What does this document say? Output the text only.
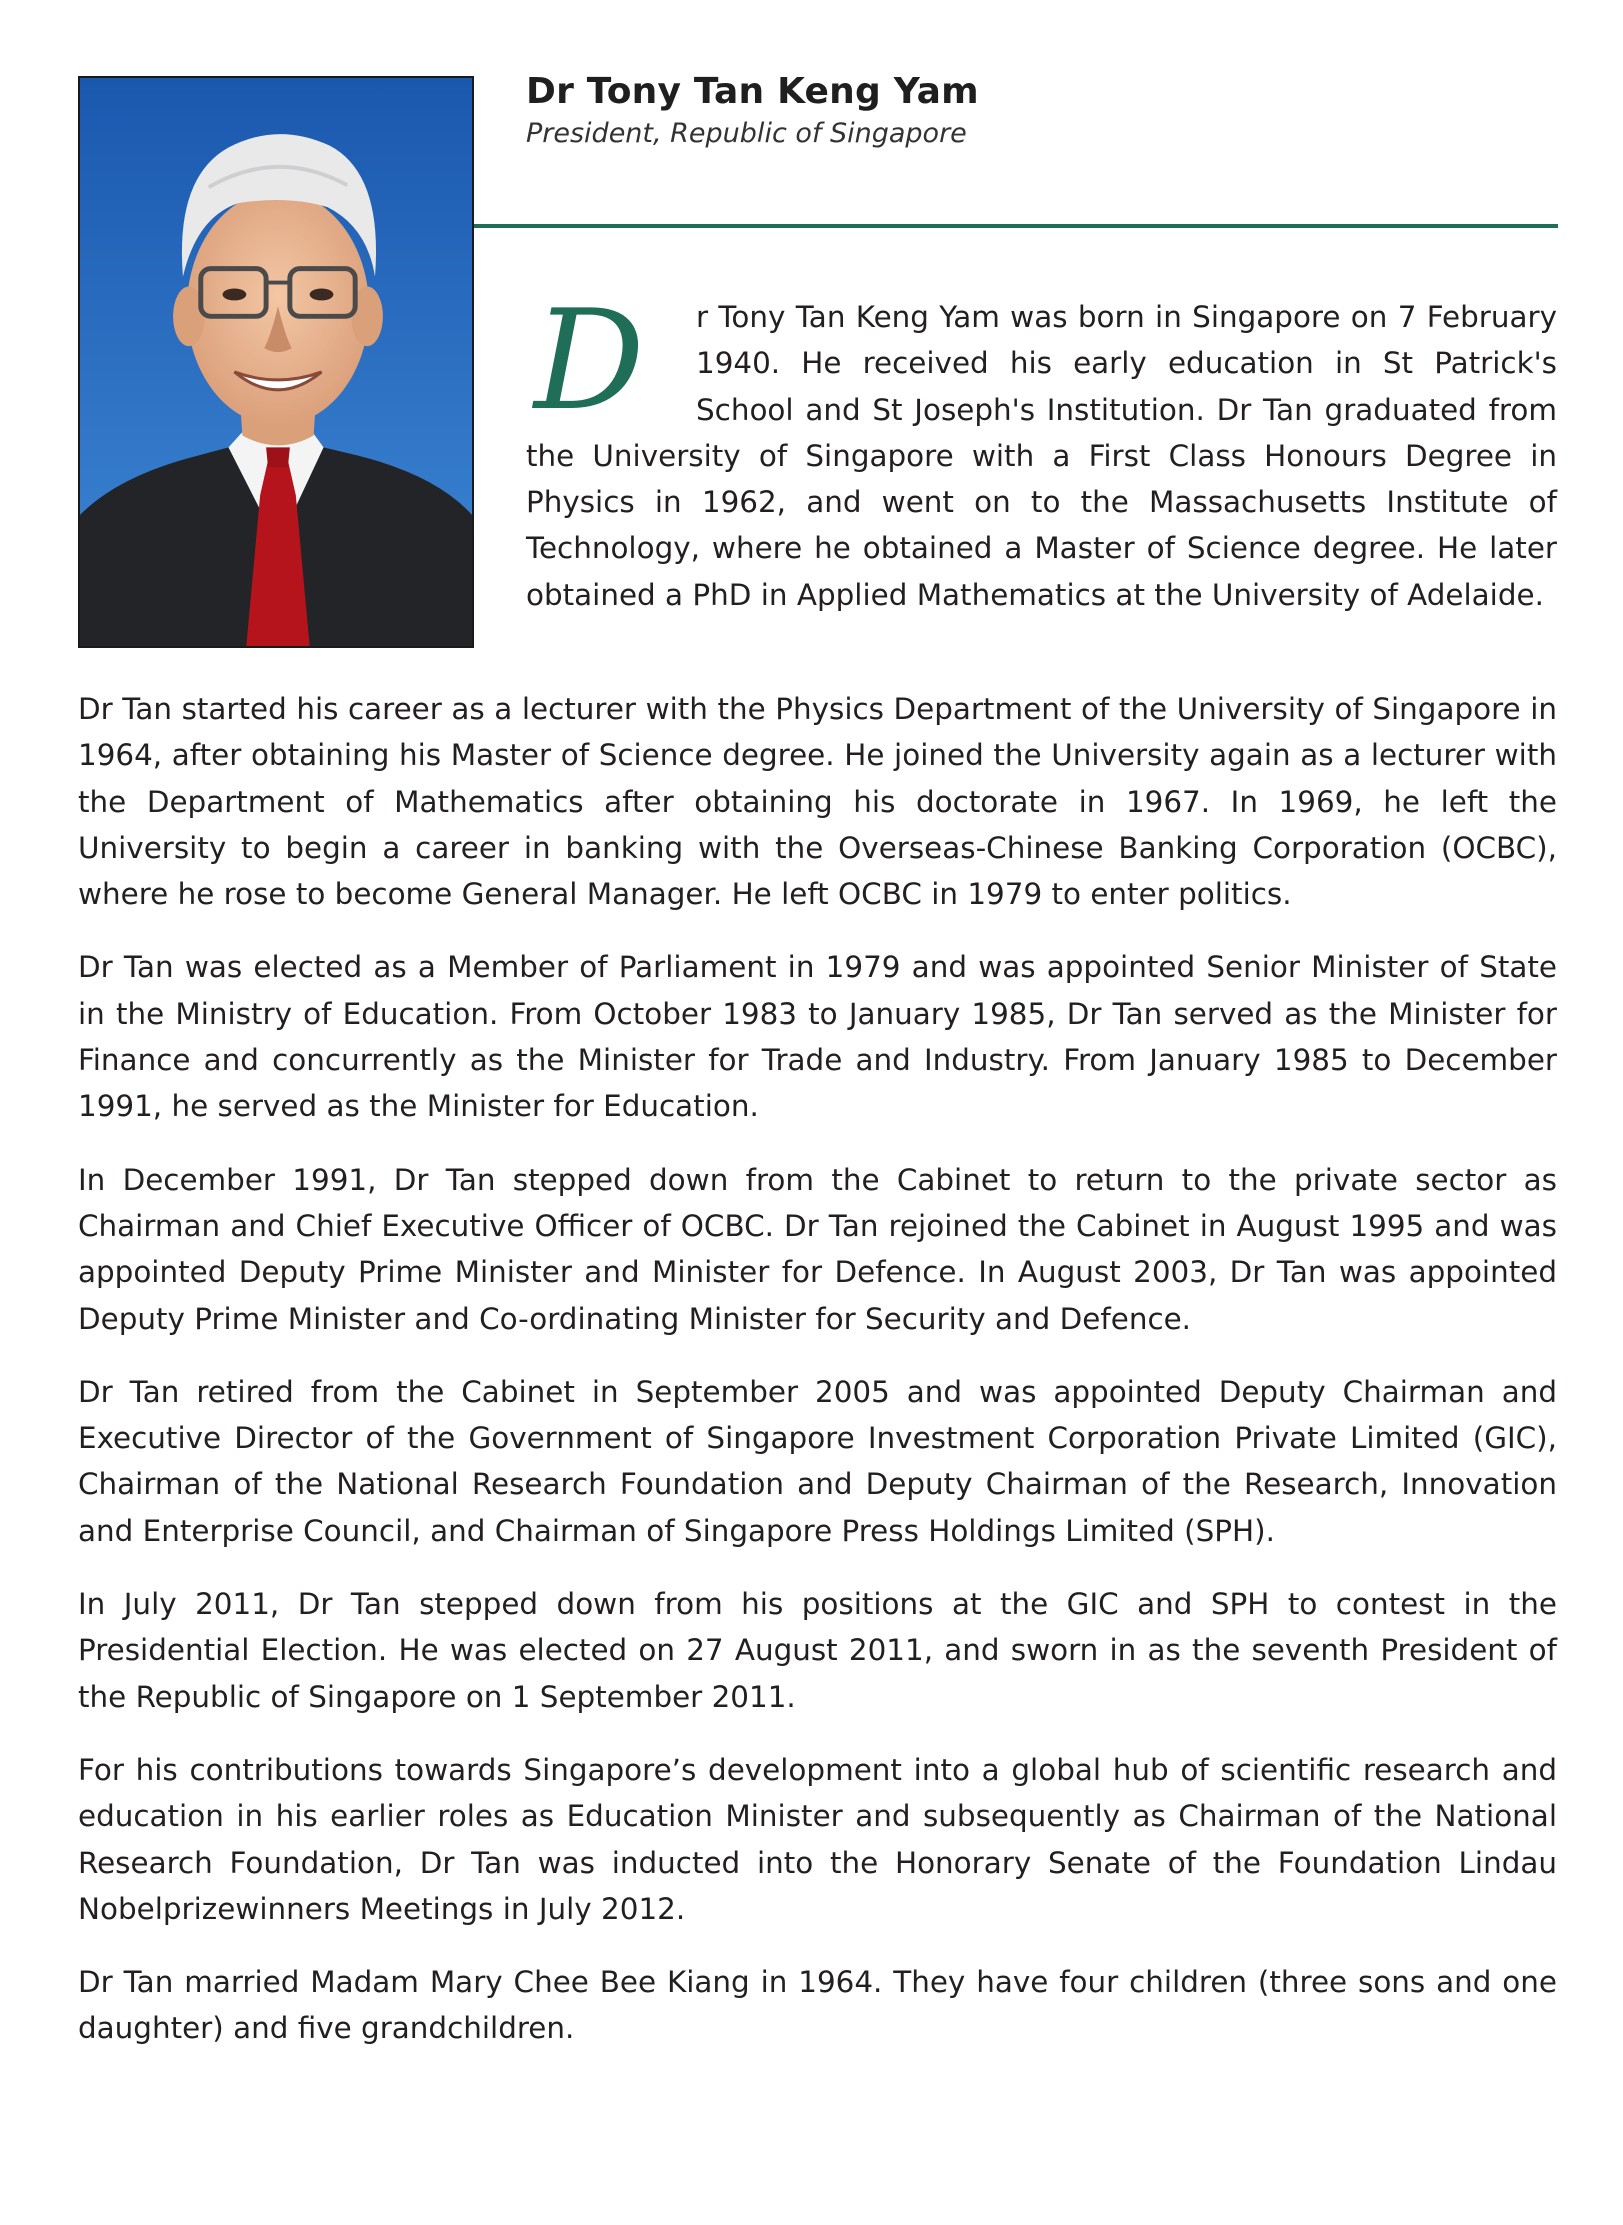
Dr Tony Tan Keng Yam
President, Republic of Singapore
D r Tony Tan Keng Yam was born in Singapore on 7 February 1940. He received his early education in St Patrick's School and St Joseph's Institution. Dr Tan graduated from the University of Singapore with a First Class Honours Degree in Physics in 1962, and went on to the Massachusetts Institute of Technology, where he obtained a Master of Science degree. He later obtained a PhD in Applied Mathematics at the University of Adelaide.

Dr Tan started his career as a lecturer with the Physics Department of the University of Singapore in 1964, after obtaining his Master of Science degree. He joined the University again as a lecturer with the Department of Mathematics after obtaining his doctorate in 1967. In 1969, he left the University to begin a career in banking with the Overseas-Chinese Banking Corporation (OCBC), where he rose to become General Manager. He left OCBC in 1979 to enter politics.

Dr Tan was elected as a Member of Parliament in 1979 and was appointed Senior Minister of State in the Ministry of Education. From October 1983 to January 1985, Dr Tan served as the Minister for Finance and concurrently as the Minister for Trade and Industry. From January 1985 to December 1991, he served as the Minister for Education.

In December 1991, Dr Tan stepped down from the Cabinet to return to the private sector as Chairman and Chief Executive Officer of OCBC. Dr Tan rejoined the Cabinet in August 1995 and was appointed Deputy Prime Minister and Minister for Defence. In August 2003, Dr Tan was appointed Deputy Prime Minister and Co-ordinating Minister for Security and Defence.

Dr Tan retired from the Cabinet in September 2005 and was appointed Deputy Chairman and Executive Director of the Government of Singapore Investment Corporation Private Limited (GIC), Chairman of the National Research Foundation and Deputy Chairman of the Research, Innovation and Enterprise Council, and Chairman of Singapore Press Holdings Limited (SPH).

In July 2011, Dr Tan stepped down from his positions at the GIC and SPH to contest in the Presidential Election. He was elected on 27 August 2011, and sworn in as the seventh President of the Republic of Singapore on 1 September 2011.

For his contributions towards Singapore’s development into a global hub of scientific research and education in his earlier roles as Education Minister and subsequently as Chairman of the National Research Foundation, Dr Tan was inducted into the Honorary Senate of the Foundation Lindau Nobelprizewinners Meetings in July 2012.

Dr Tan married Madam Mary Chee Bee Kiang in 1964. They have four children (three sons and one daughter) and five grandchildren.
